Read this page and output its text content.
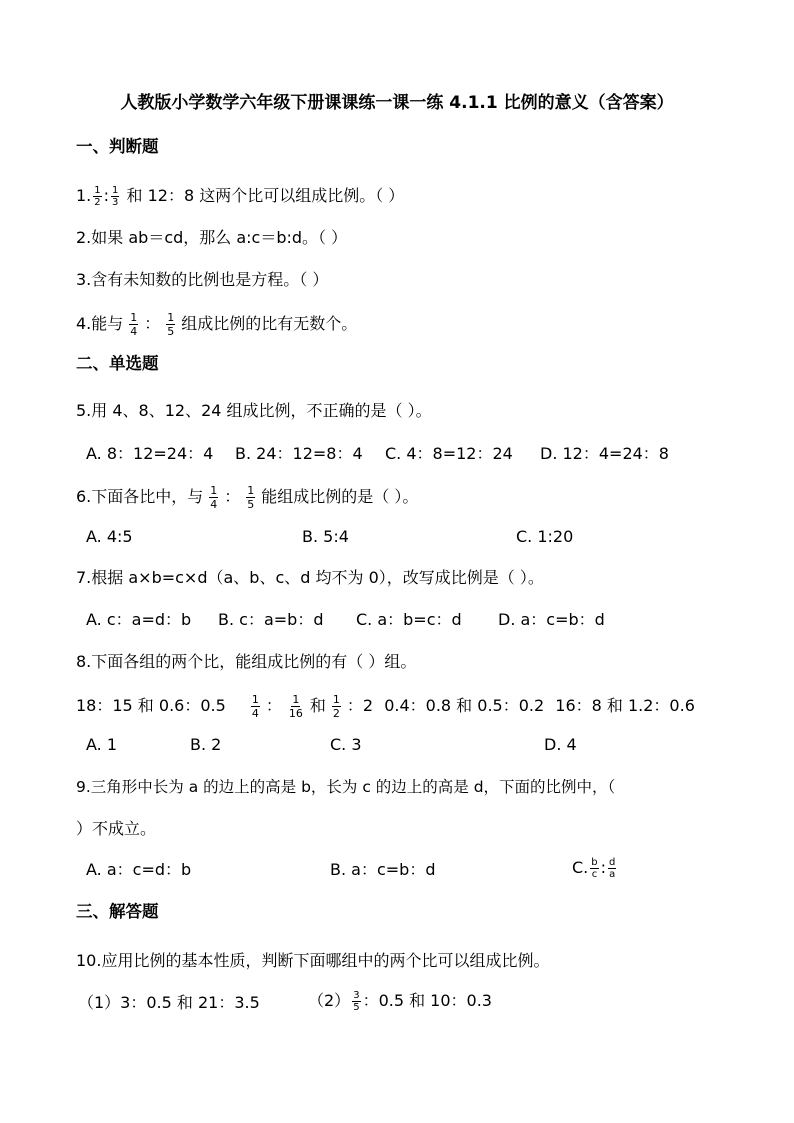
人教版小学数学六年级下册课课练一课一练 4.1.1 比例的意义（含答案）
一、判断题
1. $\frac{1}{2}$ : $\frac{1}{3}$ 和 12：8 这两个比可以组成比例。（ ）
2.如果 ab＝cd，那么 a:c＝b:d。（ ）
3.含有未知数的比例也是方程。（ ）
4.能与 $\frac{1}{4}$ ： $\frac{1}{5}$ 组成比例的比有无数个。
二、单选题
5.用 4、8、12、24 组成比例，不正确的是（ ）。
A. 8：12=24：4 B. 24：12=8：4 C. 4：8=12：24 D. 12：4=24：8
6.下面各比中，与 $\frac{1}{4}$ ： $\frac{1}{5}$ 能组成比例的是（ ）。
A. 4:5	B. 5:4	C. 1:20
7.根据 a×b=c×d（a、b、c、d 均不为 0），改写成比例是（ ）。
A. c：a=d：b B. c：a=b：d C. a：b=c：d D. a：c=b：d
8.下面各组的两个比，能组成比例的有（ ）组。
18：15 和 0.6：$0.5 \frac{1}{4}$ ： $\frac{1}{16}$ 和 $\frac{1}{2}$ ：2 0.4：0.8 和 0.5：0.2 16：8 和 1.2：0.6
A. 1	B. 2	C. 3	D. 4
9.三角形中长为 a 的边上的高是 b，长为 c 的边上的高是 d，下面的比例中，（
）不成立。
A. a：c=d：b	B. a：c=b：d	C. $\frac{b}{c}$ : $\frac{d}{a}$
三、解答题
10.应用比例的基本性质，判断下面哪组中的两个比可以组成比例。
（1）3：0.5 和 21：3.5	$(2) \frac{3}{5}$ ：0.5 和 10：0.3
